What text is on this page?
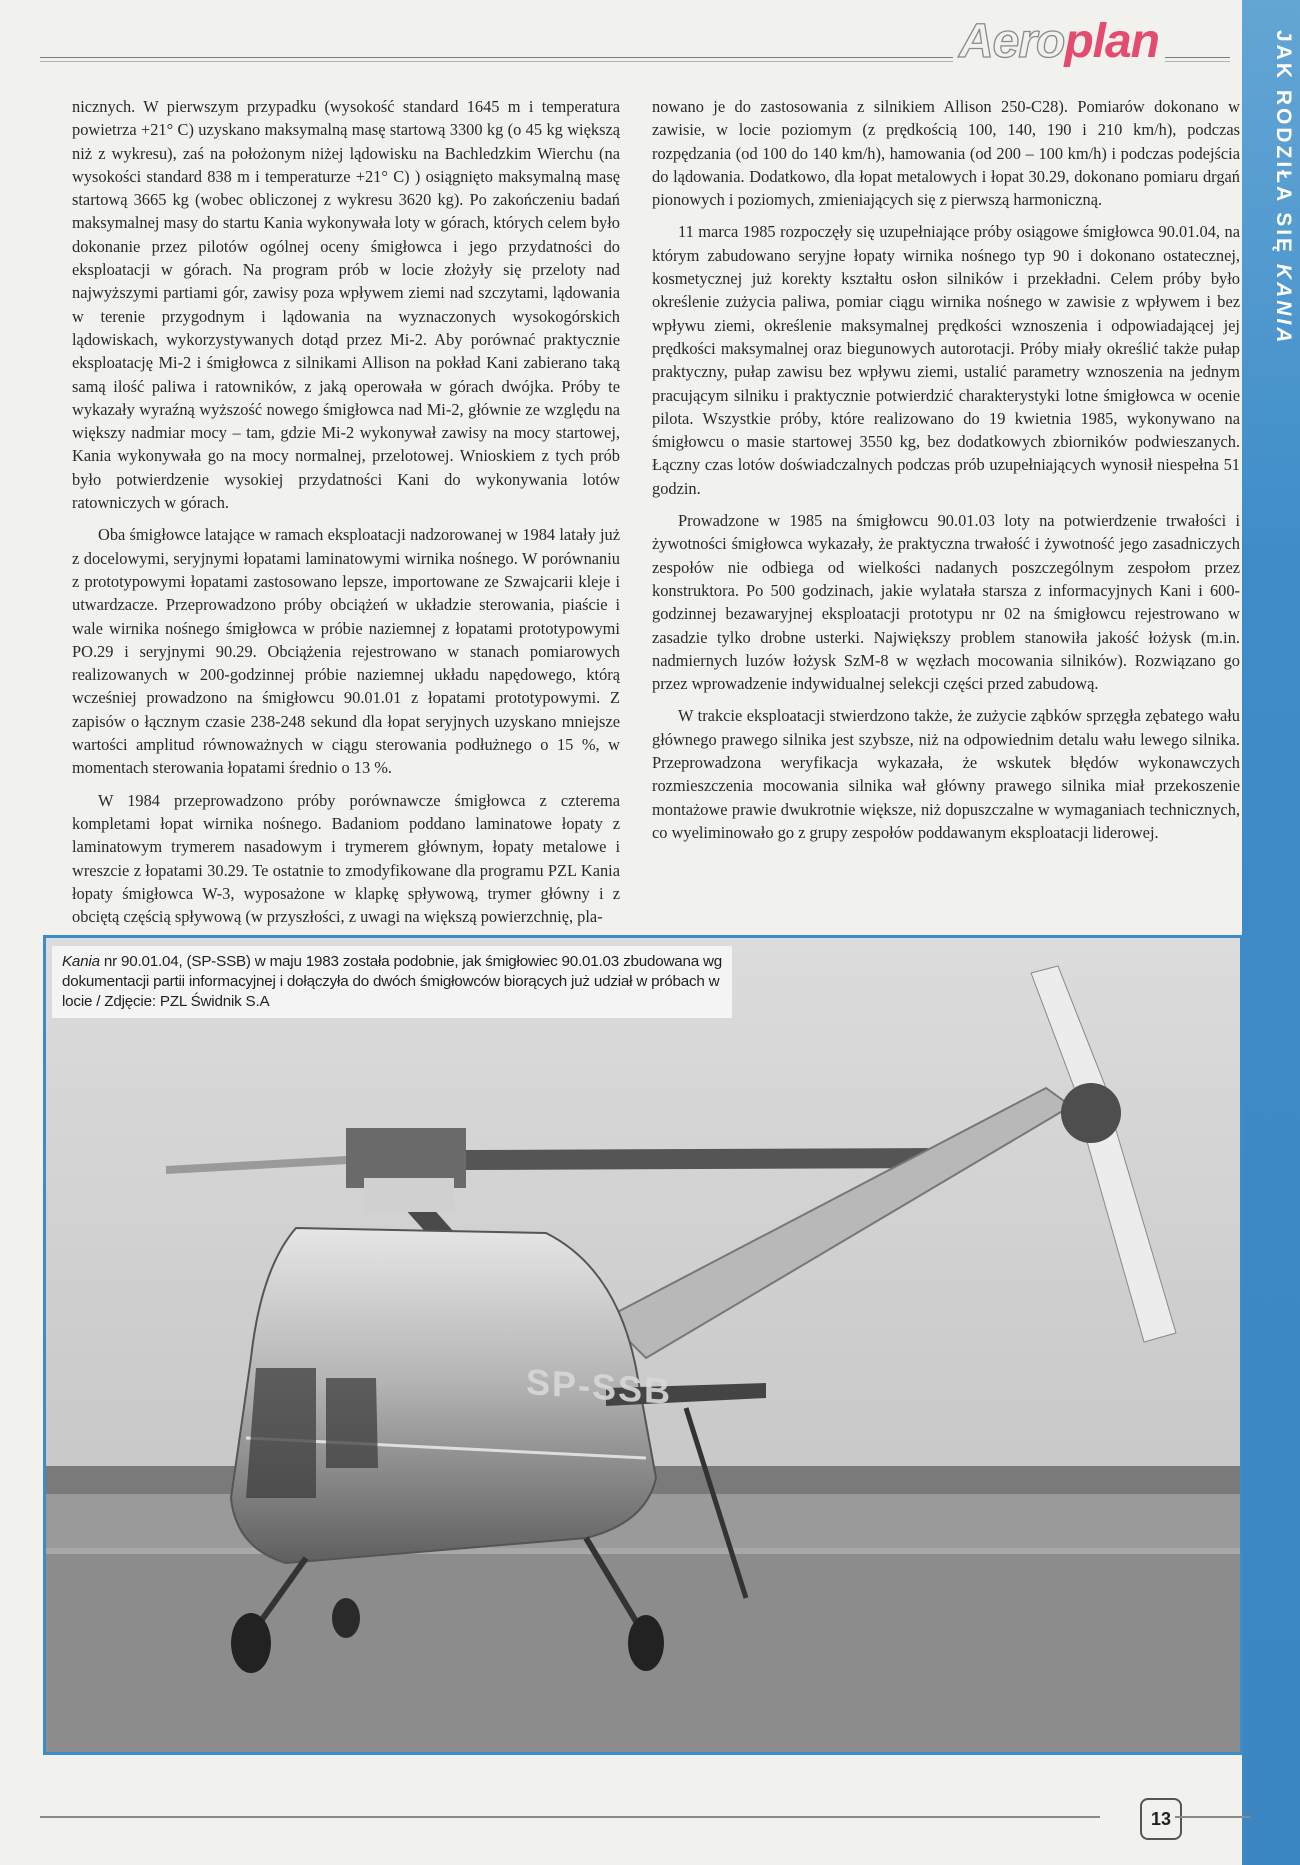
Aeroplan	JAK RODZIŁA SIĘ KANIA

nicznych. W pierwszym przypadku (wysokość standard 1645 m i temperatura powietrza +21° C) uzyskano maksymalną masę startową 3300 kg (o 45 kg większą niż z wykresu), zaś na położonym niżej lądowisku na Bachledzkim Wierchu (na wysokości standard 838 m i temperaturze +21° C) ) osiągnięto maksymalną masę startową 3665 kg (wobec obliczonej z wykresu 3620 kg). Po zakończeniu badań maksymalnej masy do startu Kania wykonywała loty w górach, których celem było dokonanie przez pilotów ogólnej oceny śmigłowca i jego przydatności do eksploatacji w górach. Na program prób w locie złożyły się przeloty nad najwyższymi partiami gór, zawisy poza wpływem ziemi nad szczytami, lądowania w terenie przygodnym i lądowania na wyznaczonych wysokogórskich lądowiskach, wykorzystywanych dotąd przez Mi-2. Aby porównać praktycznie eksploatację Mi-2 i śmigłowca z silnikami Allison na pokład Kani zabierano taką samą ilość paliwa i ratowników, z jaką operowała w górach dwójka. Próby te wykazały wyraźną wyższość nowego śmigłowca nad Mi-2, głównie ze względu na większy nadmiar mocy – tam, gdzie Mi-2 wykonywał zawisy na mocy startowej, Kania wykonywała go na mocy normalnej, przelotowej. Wnioskiem z tych prób było potwierdzenie wysokiej przydatności Kani do wykonywania lotów ratowniczych w górach.

Oba śmigłowce latające w ramach eksploatacji nadzorowanej w 1984 latały już z docelowymi, seryjnymi łopatami laminatowymi wirnika nośnego. W porównaniu z prototypowymi łopatami zastosowano lepsze, importowane ze Szwajcarii kleje i utwardzacze. Przeprowadzono próby obciążeń w układzie sterowania, piaście i wale wirnika nośnego śmigłowca w próbie naziemnej z łopatami prototypowymi PO.29 i seryjnymi 90.29. Obciążenia rejestrowano w stanach pomiarowych realizowanych w 200-godzinnej próbie naziemnej układu napędowego, którą wcześniej prowadzono na śmigłowcu 90.01.01 z łopatami prototypowymi. Z zapisów o łącznym czasie 238-248 sekund dla łopat seryjnych uzyskano mniejsze wartości amplitud równoważnych w ciągu sterowania podłużnego o 15 %, w momentach sterowania łopatami średnio o 13 %.

W 1984 przeprowadzono próby porównawcze śmigłowca z czterema kompletami łopat wirnika nośnego. Badaniom poddano laminatowe łopaty z laminatowym trymerem nasadowym i trymerem głównym, łopaty metalowe i wreszcie z łopatami 30.29. Te ostatnie to zmodyfikowane dla programu PZL Kania łopaty śmigłowca W-3, wyposażone w klapkę spływową, trymer główny i z obciętą częścią spływową (w przyszłości, z uwagi na większą powierzchnię, pla-

nowano je do zastosowania z silnikiem Allison 250-C28). Pomiarów dokonano w zawisie, w locie poziomym (z prędkością 100, 140, 190 i 210 km/h), podczas rozpędzania (od 100 do 140 km/h), hamowania (od 200 – 100 km/h) i podczas podejścia do lądowania. Dodatkowo, dla łopat metalowych i łopat 30.29, dokonano pomiaru drgań pionowych i poziomych, zmieniających się z pierwszą harmoniczną.

11 marca 1985 rozpoczęły się uzupełniające próby osiągowe śmigłowca 90.01.04, na którym zabudowano seryjne łopaty wirnika nośnego typ 90 i dokonano ostatecznej, kosmetycznej już korekty kształtu osłon silników i przekładni. Celem próby było określenie zużycia paliwa, pomiar ciągu wirnika nośnego w zawisie z wpływem i bez wpływu ziemi, określenie maksymalnej prędkości wznoszenia i odpowiadającej jej prędkości maksymalnej oraz biegunowych autorotacji. Próby miały określić także pułap praktyczny, pułap zawisu bez wpływu ziemi, ustalić parametry wznoszenia na jednym pracującym silniku i praktycznie potwierdzić charakterystyki lotne śmigłowca w ocenie pilota. Wszystkie próby, które realizowano do 19 kwietnia 1985, wykonywano na śmigłowcu o masie startowej 3550 kg, bez dodatkowych zbiorników podwieszanych. Łączny czas lotów doświadczalnych podczas prób uzupełniających wynosił niespełna 51 godzin.

Prowadzone w 1985 na śmigłowcu 90.01.03 loty na potwierdzenie trwałości i żywotności śmigłowca wykazały, że praktyczna trwałość i żywotność jego zasadniczych zespołów nie odbiega od wielkości nadanych poszczególnym zespołom przez konstruktora. Po 500 godzinach, jakie wylatała starsza z informacyjnych Kani i 600-godzinnej bezawaryjnej eksploatacji prototypu nr 02 na śmigłowcu rejestrowano w zasadzie tylko drobne usterki. Największy problem stanowiła jakość łożysk (m.in. nadmiernych luzów łożysk SzM-8 w węzłach mocowania silników). Rozwiązano go przez wprowadzenie indywidualnej selekcji części przed zabudową.

W trakcie eksploatacji stwierdzono także, że zużycie ząbków sprzęgła zębatego wału głównego prawego silnika jest szybsze, niż na odpowiednim detalu wału lewego silnika. Przeprowadzona weryfikacja wykazała, że wskutek błędów wykonawczych rozmieszczenia mocowania silnika wał główny prawego silnika miał przekoszenie montażowe prawie dwukrotnie większe, niż dopuszczalne w wymaganiach technicznych, co wyeliminowało go z grupy zespołów poddawanym eksploatacji liderowej.

Kania nr 90.01.04, (SP-SSB) w maju 1983 została podobnie, jak śmigłowiec 90.01.03 zbudowana wg dokumentacji partii informacyjnej i dołączyła do dwóch śmigłowców biorących już udział w próbach w locie / Zdjęcie: PZL Świdnik S.A
SP-SSB
13
